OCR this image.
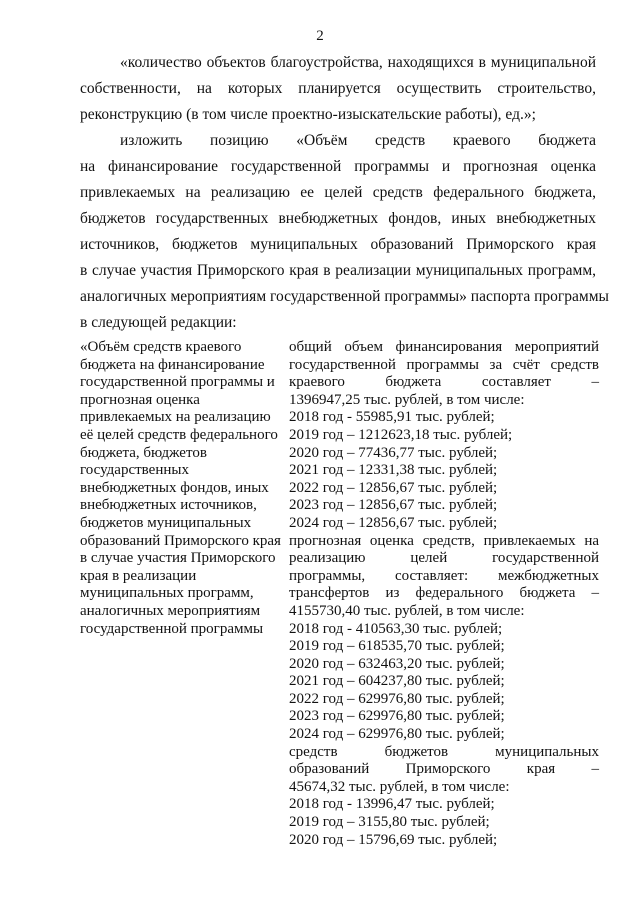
2
«количество объектов благоустройства, находящихся в муниципальной
собственности, на которых планируется осуществить строительство,
реконструкцию (в том числе проектно-изыскательские работы), ед.»;
изложить позицию «Объём средств краевого бюджета
на финансирование государственной программы и прогнозная оценка
привлекаемых на реализацию ее целей средств федерального бюджета,
бюджетов государственных внебюджетных фондов, иных внебюджетных
источников, бюджетов муниципальных образований Приморского края
в случае участия Приморского края в реализации муниципальных программ,
аналогичных мероприятиям государственной программы» паспорта программы
в следующей редакции:
«Объём средств краевого
бюджета на финансирование
государственной программы и
прогнозная оценка
привлекаемых на реализацию
её целей средств федерального
бюджета, бюджетов
государственных
внебюджетных фондов, иных
внебюджетных источников,
бюджетов муниципальных
образований Приморского края
в случае участия Приморского
края в реализации
муниципальных программ,
аналогичных мероприятиям
государственной программы
общий объем финансирования мероприятий
государственной программы за счёт средств
краевого бюджета составляет –
1396947,25 тыс. рублей, в том числе:
2018 год - 55985,91 тыс. рублей;
2019 год – 1212623,18 тыс. рублей;
2020 год – 77436,77 тыс. рублей;
2021 год – 12331,38 тыс. рублей;
2022 год – 12856,67 тыс. рублей;
2023 год – 12856,67 тыс. рублей;
2024 год – 12856,67 тыс. рублей;
прогнозная оценка средств, привлекаемых на
реализацию целей государственной
программы, составляет: межбюджетных
трансфертов из федерального бюджета –
4155730,40 тыс. рублей, в том числе:
2018 год - 410563,30 тыс. рублей;
2019 год – 618535,70 тыс. рублей;
2020 год – 632463,20 тыс. рублей;
2021 год – 604237,80 тыс. рублей;
2022 год – 629976,80 тыс. рублей;
2023 год – 629976,80 тыс. рублей;
2024 год – 629976,80 тыс. рублей;
средств бюджетов муниципальных
образований Приморского края –
45674,32 тыс. рублей, в том числе:
2018 год - 13996,47 тыс. рублей;
2019 год – 3155,80 тыс. рублей;
2020 год – 15796,69 тыс. рублей;
